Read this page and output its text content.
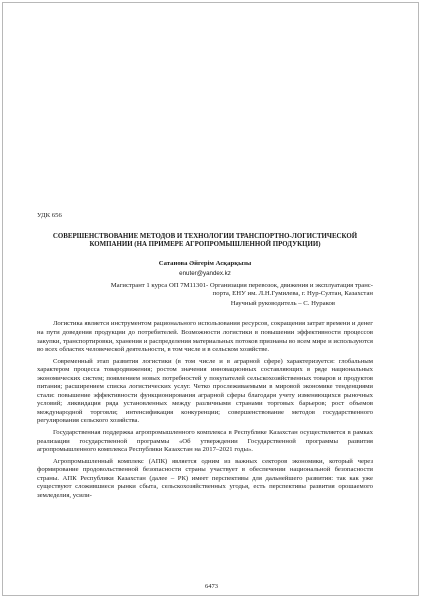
УДК 656
СОВЕРШЕНСТВОВАНИЕ МЕТОДОВ И ТЕХНОЛОГИИ ТРАНСПОРТНО-ЛОГИСТИЧЕСКОЙ КОМПАНИИ (НА ПРИМЕРЕ АГРОПРОМЫШЛЕННОЙ ПРОДУКЦИИ)
Сатанова Әйгерім Асқарқызы
enuter@yandex.kz
Магистрант 1 курса ОП 7М11301- Организация перевозок, движения и эксплуатация транс-
порта, ЕНУ им. Л.Н.Гумилева, г. Нур-Султан, Казахстан
Научный руководитель – С. Нураков

Логистика является инструментом рационального использования ресурсов, сокращения затрат времени и денег на пути доведения продукции до потребителей. Возможности логистики в повышении эффективности процессов закупки, транспортировки, хранения и распределения материальных потоков признаны во всем мире и используются во всех областях человеческой деятельности, в том числе и в сельском хозяйстве.

Современный этап развития логистики (в том числе и в аграрной сфере) характеризуется: глобальным характером процесса товародвижения; ростом значения инновационных составляющих в ряде национальных экономических систем; появлением новых потребностей у покупателей сельскохозяйственных товаров и продуктов питания; расширением списка логистических услуг. Четко прослеживаемыми в мировой экономике тенденциями стали: повышение эффективности функционирования аграрной сферы благодаря учету изменяющихся рыночных условий; ликвидация ряда установленных между различными странами торговых барьеров; рост объемов международной торговли; интенсификация конкуренции; совершенствование методов государственного регулирования сельского хозяйства.

Государственная поддержка агропромышленного комплекса в Республике Казахстан осуществляется в рамках реализации государственной программы «Об утверждении Государственной программы развития агропромышленного комплекса Республики Казахстан на 2017–2021 годы».

Агропромышленный комплекс (АПК) является одним из важных секторов экономики, который через формирование продовольственной безопасности страны участвует в обеспечении национальной безопасности страны. АПК Республики Казахстан (далее – РК) имеет перспективы для дальнейшего развития: так как уже существуют сложившиеся рынки сбыта, сельскохозяйственных угодья, есть перспективы развития орошаемого земледелия, усили-

6473
